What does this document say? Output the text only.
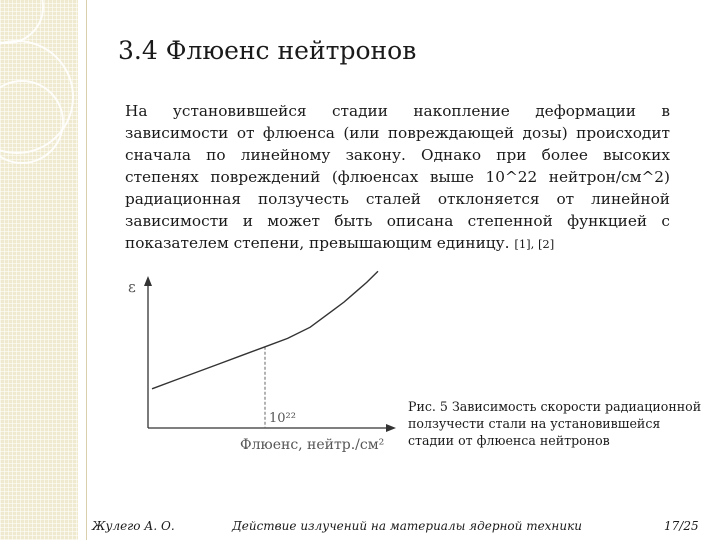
3.4 Флюенс нейтронов
На установившейся стадии накопление деформации в зависимости от флюенса (или повреждающей дозы) происходит сначала по линейному закону. Однако при более высоких степенях повреждений (флюенсах выше 10^22 нейтрон/см^2) радиационная ползучесть сталей отклоняется от линейной зависимости и может быть описана степенной функцией с показателем степени, превышающим единицу. [1], [2]
ε
10²²
Флюенс, нейтр./см²
Рис. 5 Зависимость скорости радиационной ползучести стали на установившейся стадии от флюенса нейтронов
Жулего А. О.	Действие излучений на материалы ядерной техники	17/25
